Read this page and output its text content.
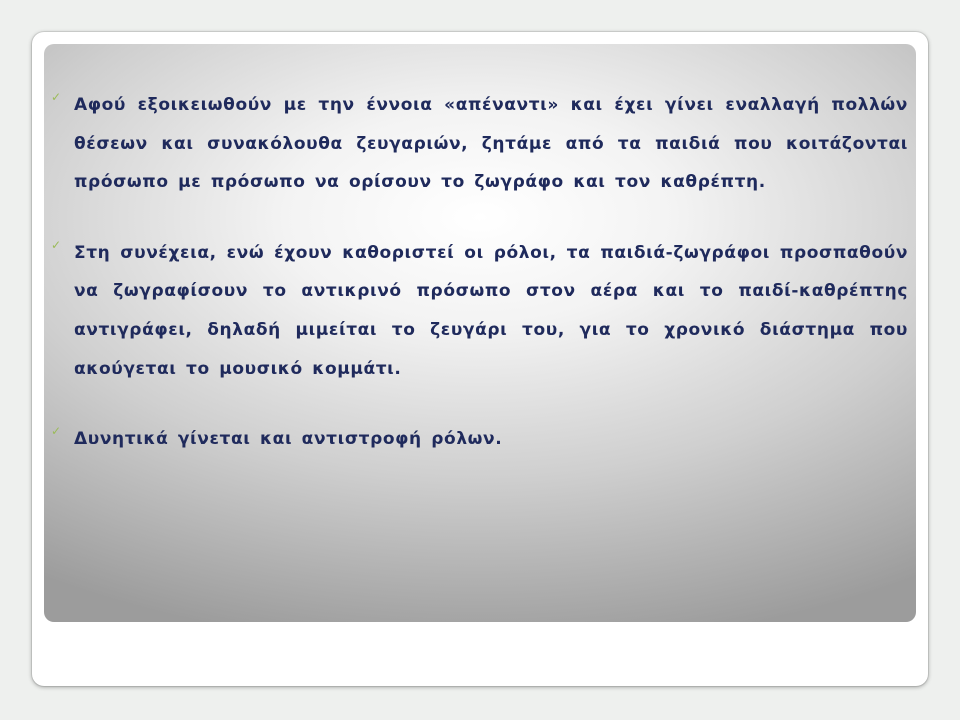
✓ Αφού εξοικειωθούν με την έννοια «απέναντι» και έχει γίνει εναλλαγή πολλών θέσεων και συνακόλουθα ζευγαριών, ζητάμε από τα παιδιά που κοιτάζονται πρόσωπο με πρόσωπο να ορίσουν το ζωγράφο και τον καθρέπτη.
✓ Στη συνέχεια, ενώ έχουν καθοριστεί οι ρόλοι, τα παιδιά-ζωγράφοι προσπαθούν να ζωγραφίσουν το αντικρινό πρόσωπο στον αέρα και το παιδί-καθρέπτης αντιγράφει, δηλαδή μιμείται το ζευγάρι του, για το χρονικό διάστημα που ακούγεται το μουσικό κομμάτι.
✓ Δυνητικά γίνεται και αντιστροφή ρόλων.
